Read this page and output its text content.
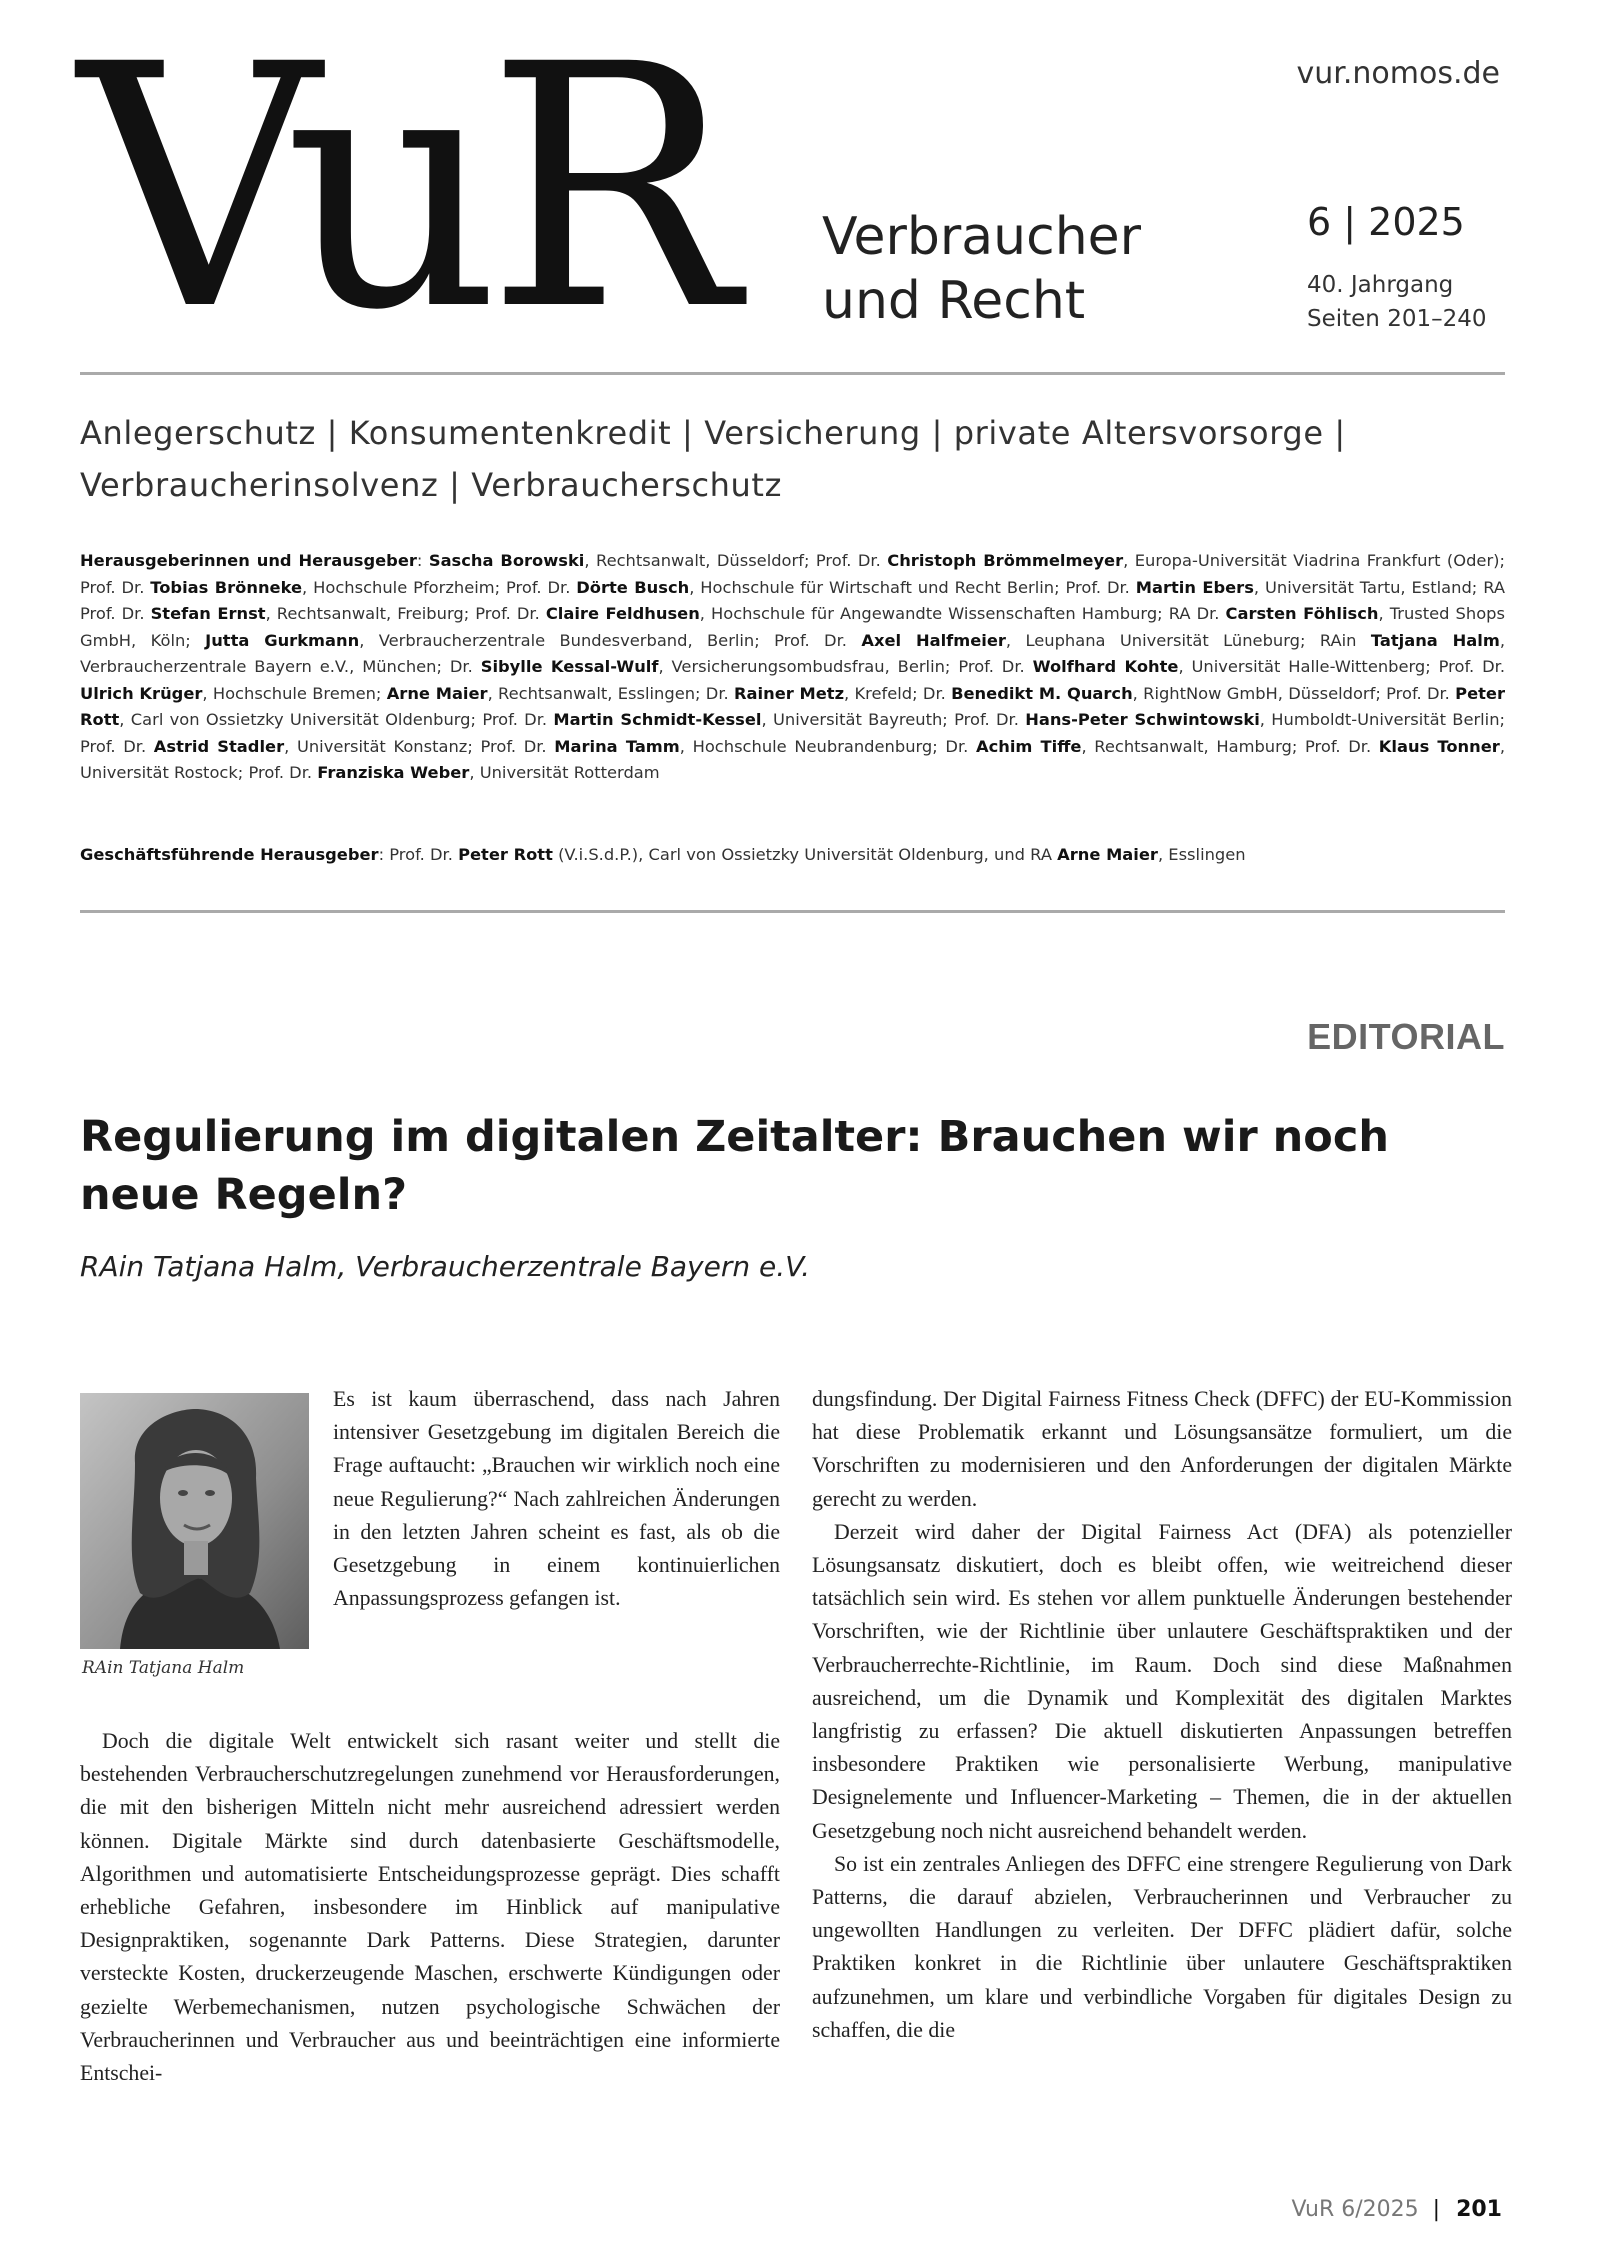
VuR Verbraucher
und Recht
vur.nomos.de
6 | 2025
40. Jahrgang
Seiten 201–240
Anlegerschutz | Konsumentenkredit | Versicherung | private Altersvorsorge | Verbraucherinsolvenz | Verbraucherschutz
Herausgeberinnen und Herausgeber: Sascha Borowski, Rechtsanwalt, Düsseldorf; Prof. Dr. Christoph Brömmelmeyer, Europa-Universität Viadrina Frankfurt (Oder); Prof. Dr. Tobias Brönneke, Hochschule Pforzheim; Prof. Dr. Dörte Busch, Hochschule für Wirtschaft und Recht Berlin; Prof. Dr. Martin Ebers, Universität Tartu, Estland; RA Prof. Dr. Stefan Ernst, Rechtsanwalt, Freiburg; Prof. Dr. Claire Feldhusen, Hochschule für Angewandte Wissenschaften Hamburg; RA Dr. Carsten Föhlisch, Trusted Shops GmbH, Köln; Jutta Gurkmann, Verbraucherzentrale Bundesverband, Berlin; Prof. Dr. Axel Halfmeier, Leuphana Universität Lüneburg; RAin Tatjana Halm, Verbraucherzentrale Bayern e.V., München; Dr. Sibylle Kessal-Wulf, Versicherungsombudsfrau, Berlin; Prof. Dr. Wolfhard Kohte, Universität Halle-Wittenberg; Prof. Dr. Ulrich Krüger, Hochschule Bremen; Arne Maier, Rechtsanwalt, Esslingen; Dr. Rainer Metz, Krefeld; Dr. Benedikt M. Quarch, RightNow GmbH, Düsseldorf; Prof. Dr. Peter Rott, Carl von Ossietzky Universität Oldenburg; Prof. Dr. Martin Schmidt-Kessel, Universität Bayreuth; Prof. Dr. Hans-Peter Schwintowski, Humboldt-Universität Berlin; Prof. Dr. Astrid Stadler, Universität Konstanz; Prof. Dr. Marina Tamm, Hochschule Neubrandenburg; Dr. Achim Tiffe, Rechtsanwalt, Hamburg; Prof. Dr. Klaus Tonner, Universität Rostock; Prof. Dr. Franziska Weber, Universität Rotterdam
Geschäftsführende Herausgeber: Prof. Dr. Peter Rott (V.i.S.d.P.), Carl von Ossietzky Universität Oldenburg, und RA Arne Maier, Esslingen
EDITORIAL
Regulierung im digitalen Zeitalter: Brauchen wir noch neue Regeln?
RAin Tatjana Halm, Verbraucherzentrale Bayern e.V.
RAin Tatjana Halm

Es ist kaum überraschend, dass nach Jahren intensiver Gesetzgebung im digitalen Bereich die Frage auftaucht: „Brauchen wir wirklich noch eine neue Regulierung?“ Nach zahlreichen Änderungen in den letzten Jahren scheint es fast, als ob die Gesetzgebung in einem kontinuierlichen Anpassungsprozess gefangen ist.

Doch die digitale Welt entwickelt sich rasant weiter und stellt die bestehenden Verbraucherschutzregelungen zunehmend vor Herausforderungen, die mit den bisherigen Mitteln nicht mehr ausreichend adressiert werden können. Digitale Märkte sind durch datenbasierte Geschäftsmodelle, Algorithmen und automatisierte Entscheidungsprozesse geprägt. Dies schafft erhebliche Gefahren, insbesondere im Hinblick auf manipulative Designpraktiken, sogenannte Dark Patterns. Diese Strategien, darunter versteckte Kosten, druckerzeugende Maschen, erschwerte Kündigungen oder gezielte Werbemechanismen, nutzen psychologische Schwächen der Verbraucherinnen und Verbraucher aus und beeinträchtigen eine informierte Entschei-

dungsfindung. Der Digital Fairness Fitness Check (DFFC) der EU-Kommission hat diese Problematik erkannt und Lösungsansätze formuliert, um die Vorschriften zu modernisieren und den Anforderungen der digitalen Märkte gerecht zu werden.

Derzeit wird daher der Digital Fairness Act (DFA) als potenzieller Lösungsansatz diskutiert, doch es bleibt offen, wie weitreichend dieser tatsächlich sein wird. Es stehen vor allem punktuelle Änderungen bestehender Vorschriften, wie der Richtlinie über unlautere Geschäftspraktiken und der Verbraucherrechte-Richtlinie, im Raum. Doch sind diese Maßnahmen ausreichend, um die Dynamik und Komplexität des digitalen Marktes langfristig zu erfassen? Die aktuell diskutierten Anpassungen betreffen insbesondere Praktiken wie personalisierte Werbung, manipulative Designelemente und Influencer-Marketing – Themen, die in der aktuellen Gesetzgebung noch nicht ausreichend behandelt werden.

So ist ein zentrales Anliegen des DFFC eine strengere Regulierung von Dark Patterns, die darauf abzielen, Verbraucherinnen und Verbraucher zu ungewollten Handlungen zu verleiten. Der DFFC plädiert dafür, solche Praktiken konkret in die Richtlinie über unlautere Geschäftspraktiken aufzunehmen, um klare und verbindliche Vorgaben für digitales Design zu schaffen, die die

VuR 6/2025 | 201
